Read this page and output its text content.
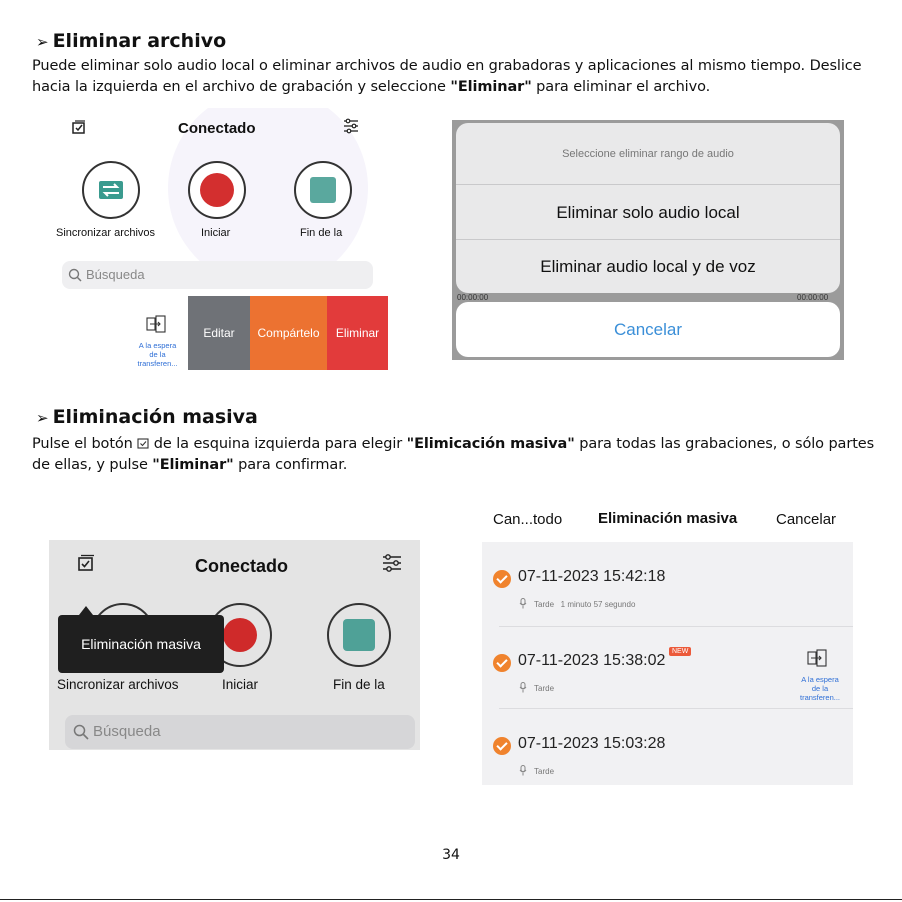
➢ Eliminar archivo
Puede eliminar solo audio local o eliminar archivos de audio en grabadoras y aplicaciones al mismo tiempo. Deslice
hacia la izquierda en el archivo de grabación y seleccione "Eliminar" para eliminar el archivo.
Conectado
Sincronizar archivos	Iniciar	Fin de la
Búsqueda
A la espera
de la
transferen...
Editar	Compártelo	Eliminar
Seleccione eliminar rango de audio
Eliminar solo audio local
Eliminar audio local y de voz
00:00:00	00:00:00
Cancelar
➢ Eliminación masiva
Pulse el botón  de la esquina izquierda para elegir "Elimicación masiva" para todas las grabaciones, o sólo partes
de ellas, y pulse "Eliminar" para confirmar.
Conectado
Eliminación masiva
Sincronizar archivos	Iniciar	Fin de la
Búsqueda
Can...todo Eliminación masiva	Cancelar
07-11-2023 15:42:18
Tarde   1 minuto 57 segundo
07-11-2023 15:38:02
NEW
Tarde
A la espera
de la
transferen...
07-11-2023 15:03:28
Tarde
34
